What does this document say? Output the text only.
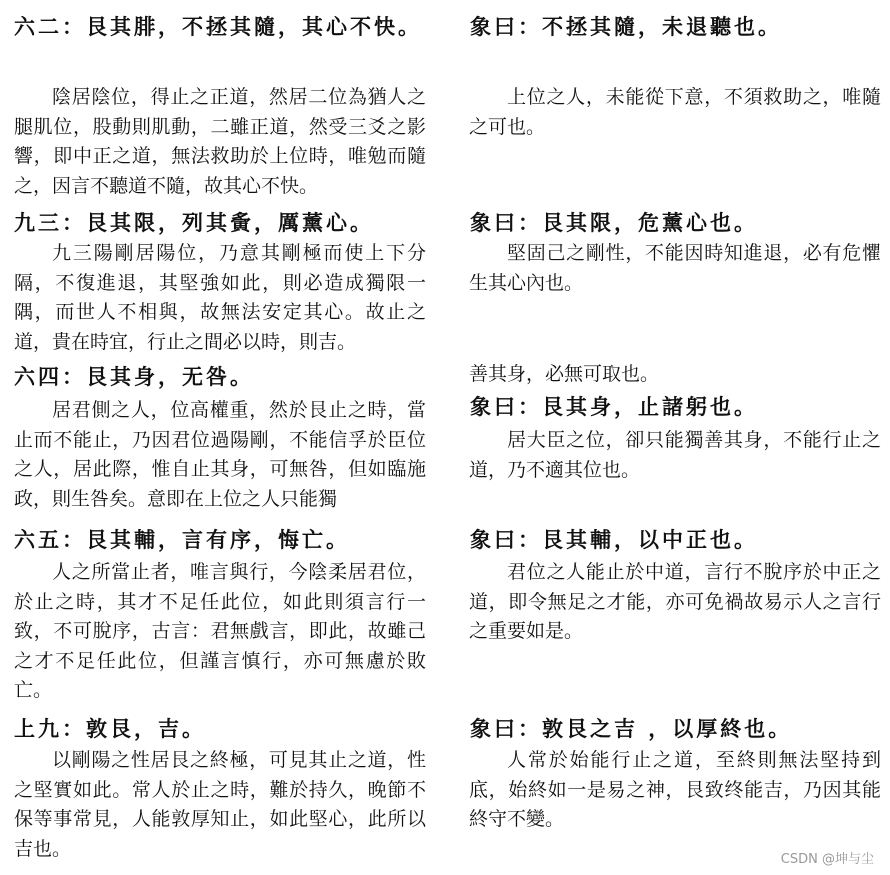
六二：艮其腓，不拯其隨，其心不快。

陰居陰位，得止之正道，然居二位為猶人之腿肌位，股動則肌動，二雖正道，然受三爻之影響，即中正之道，無法救助於上位時，唯勉而隨之，因言不聽道不隨，故其心不快。

象曰：不拯其隨，未退聽也。

上位之人，未能從下意，不須救助之，唯隨之可也。

九三：艮其限，列其夤，厲薰心。

九三陽剛居陽位，乃意其剛極而使上下分隔，不復進退，其堅強如此，則必造成獨限一隅，而世人不相與，故無法安定其心。故止之道，貴在時宜，行止之間必以時，則吉。

象曰：艮其限，危薰心也。

堅固己之剛性，不能因時知進退，必有危懼生其心內也。

六四：艮其身，无咎。

居君側之人，位高權重，然於艮止之時，當止而不能止，乃因君位過陽剛，不能信孚於臣位之人，居此際，惟自止其身，可無咎，但如臨施政，則生咎矣。意即在上位之人只能獨

善其身，必無可取也。

象曰：艮其身，止諸躬也。

居大臣之位，卻只能獨善其身，不能行止之道，乃不適其位也。

六五：艮其輔，言有序，悔亡。

人之所當止者，唯言與行，今陰柔居君位，於止之時，其才不足任此位，如此則須言行一致，不可脫序，古言：君無戲言，即此，故雖己之才不足任此位，但謹言慎行，亦可無慮於敗亡。

象曰：艮其輔，以中正也。

君位之人能止於中道，言行不脫序於中正之道，即令無足之才能，亦可免禍故易示人之言行之重要如是。

上九：敦艮，吉。

以剛陽之性居艮之終極，可見其止之道，性之堅實如此。常人於止之時，難於持久，晚節不保等事常見，人能敦厚知止，如此堅心，此所以吉也。

象曰：敦艮之吉 ，以厚終也。

人常於始能行止之道，至終則無法堅持到底，始終如一是易之神，艮致终能吉，乃因其能終守不變。

CSDN @坤与尘
